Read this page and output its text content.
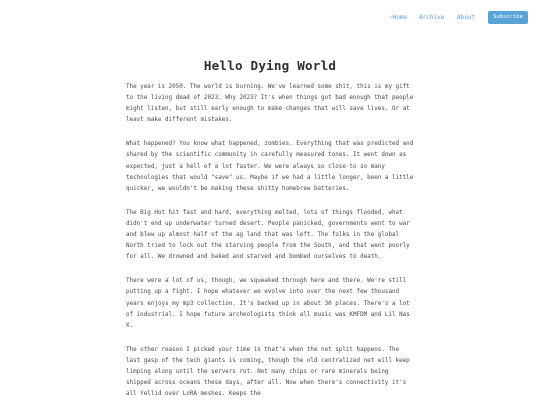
~Home Archive About	Subscribe
Hello Dying World

The year is 2050. The world is burning. We've learned some shit, this is my gift to the living dead of 2023. Why 2023? It's when things got bad enough that people might listen, but still early enough to make changes that will save lives. Or at least make different mistakes.

What happened? You know what happened, zombies. Everything that was predicted and shared by the scientific community in carefully measured tones. It went down as expected, just a hell of a lot faster. We were always so close to so many technologies that would "save" us. Maybe if we had a little longer, been a little quicker, we wouldn't be making these shitty homebrew batteries.

The Big Hot hit fast and hard, everything melted, lots of things flooded, what didn't end up underwater turned desert. People panicked, governments went to war and blew up almost half of the ag land that was left. The folks in the global North tried to lock out the starving people from the South, and that went poorly for all. We drowned and baked and starved and bombed ourselves to death.

There were a lot of us, though, we squeaked through here and there. We're still putting up a fight. I hope whatever we evolve into over the next few thousand years enjoys my mp3 collection. It's backed up in about 30 places. There's a lot of industrial. I hope future archeologists think all music was KMFDM and Lil Nas X.

The other reason I picked your time is that's when the net split happens. The last gasp of the tech giants is coming, though the old centralized net will keep limping along until the servers rot. Not many chips or rare minerals being shipped across oceans these days, after all. Now when there's connectivity it's all Yellid over LoRA meshes. Keeps the
